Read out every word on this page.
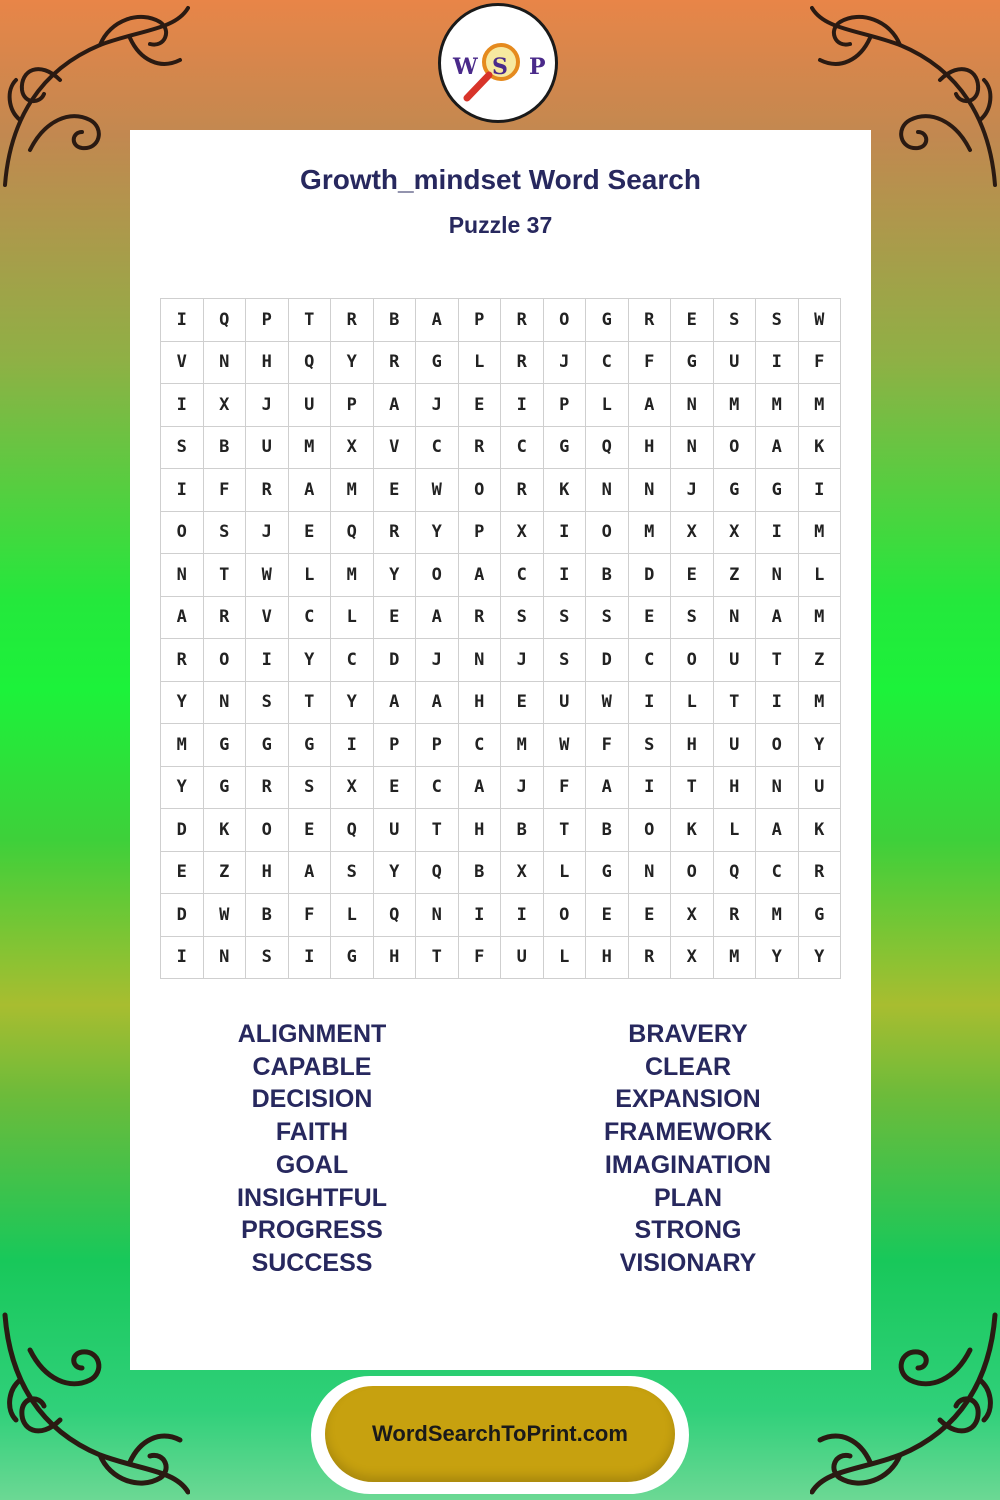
Growth_mindset Word Search
Puzzle 37
I	Q	P	T	R	B	A	P	R	O	G	R	E	S	S	W
V	N	H	Q	Y	R	G	L	R	J	C	F	G	U	I	F
I	X	J	U	P	A	J	E	I	P	L	A	N	M	M	M
S	B	U	M	X	V	C	R	C	G	Q	H	N	O	A	K
I	F	R	A	M	E	W	O	R	K	N	N	J	G	G	I
O	S	J	E	Q	R	Y	P	X	I	O	M	X	X	I	M
N	T	W	L	M	Y	O	A	C	I	B	D	E	Z	N	L
A	R	V	C	L	E	A	R	S	S	S	E	S	N	A	M
R	O	I	Y	C	D	J	N	J	S	D	C	O	U	T	Z
Y	N	S	T	Y	A	A	H	E	U	W	I	L	T	I	M
M	G	G	G	I	P	P	C	M	W	F	S	H	U	O	Y
Y	G	R	S	X	E	C	A	J	F	A	I	T	H	N	U
D	K	O	E	Q	U	T	H	B	T	B	O	K	L	A	K
E	Z	H	A	S	Y	Q	B	X	L	G	N	O	Q	C	R
D	W	B	F	L	Q	N	I	I	O	E	E	X	R	M	G
I	N	S	I	G	H	T	F	U	L	H	R	X	M	Y	Y
ALIGNMENT
CAPABLE
DECISION
FAITH
GOAL
INSIGHTFUL
PROGRESS
SUCCESS
BRAVERY
CLEAR
EXPANSION
FRAMEWORK
IMAGINATION
PLAN
STRONG
VISIONARY
W S P
WordSearchToPrint.com
